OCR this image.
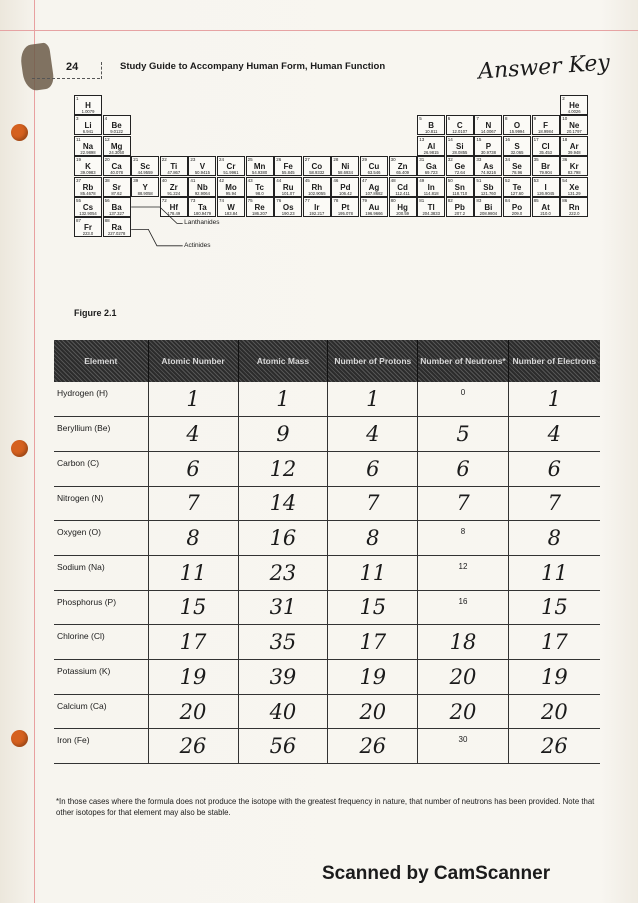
24	Study Guide to Accompany Human Form, Human Function	Answer Key
1
H
1.0079
2
He
4.0026
3
Li
6.941
4
Be
9.0122
5
B
10.811
6
C
12.0107
7
N
14.0067
8
O
15.9994
9
F
18.9984
10
Ne
20.1797
11
Na
22.9898
12
Mg
24.3050
13
Al
26.9815
14
Si
28.0855
15
P
30.9738
16
S
32.065
17
Cl
35.453
18
Ar
39.948
19
K
39.0983
20
Ca
40.078
21
Sc
44.9559
22
Ti
47.867
23
V
50.9415
24
Cr
51.9961
25
Mn
54.9380
26
Fe
55.845
27
Co
58.9332
28
Ni
58.6934
29
Cu
63.546
30
Zn
65.409
31
Ga
69.723
32
Ge
72.64
33
As
74.9216
34
Se
78.96
35
Br
79.904
36
Kr
83.798
37
Rb
85.4678
38
Sr
87.62
39
Y
88.9058
40
Zr
91.224
41
Nb
92.9064
42
Mo
95.94
43
Tc
98.0
44
Ru
101.07
45
Rh
102.9055
46
Pd
106.42
47
Ag
107.8682
48
Cd
112.411
49
In
114.818
50
Sn
118.710
51
Sb
121.760
52
Te
127.60
53
I
126.9045
54
Xe
131.29
55
Cs
132.9054
56
Ba
137.327
72
Hf
178.49
73
Ta
180.9479
74
W
183.84
75
Re
186.207
76
Os
190.23
77
Ir
192.217
78
Pt
195.078
79
Au
196.9666
80
Hg
200.59
81
Tl
204.3833
82
Pb
207.2
83
Bi
208.9804
84
Po
209.0
85
At
210.0
86
Rn
222.0
87
Fr
223.0
88
Ra
227.0278
Lanthanides
Actinides
Figure 2.1
Element	Atomic Number	Atomic Mass	Number of Protons	Number of Neutrons*	Number of Electrons
Hydrogen (H)	1	1	1	0	1
Beryllium (Be)	4	9	4	5	4
Carbon (C)	6	12	6	6	6
Nitrogen (N)	7	14	7	7	7
Oxygen (O)	8	16	8	8	8
Sodium (Na)	11	23	11	12	11
Phosphorus (P)	15	31	15	16	15
Chlorine (Cl)	17	35	17	18	17
Potassium (K)	19	39	19	20	19
Calcium (Ca)	20	40	20	20	20
Iron (Fe)	26	56	26	30	26
*In those cases where the formula does not produce the isotope with the greatest frequency in nature, that number of neutrons has been provided. Note that other isotopes for that element may also be stable.
Scanned by CamScanner
